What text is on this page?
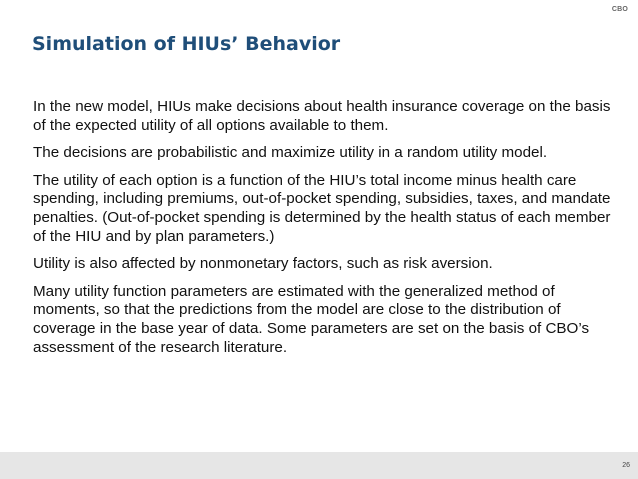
CBO
Simulation of HIUs’ Behavior

In the new model, HIUs make decisions about health insurance coverage on the basis of the expected utility of all options available to them.

The decisions are probabilistic and maximize utility in a random utility model.

The utility of each option is a function of the HIU’s total income minus health care spending, including premiums, out-of-pocket spending, subsidies, taxes, and mandate penalties. (Out-of-pocket spending is determined by the health status of each member of the HIU and by plan parameters.)

Utility is also affected by nonmonetary factors, such as risk aversion.

Many utility function parameters are estimated with the generalized method of moments, so that the predictions from the model are close to the distribution of coverage in the base year of data. Some parameters are set on the basis of CBO’s assessment of the research literature.

26
